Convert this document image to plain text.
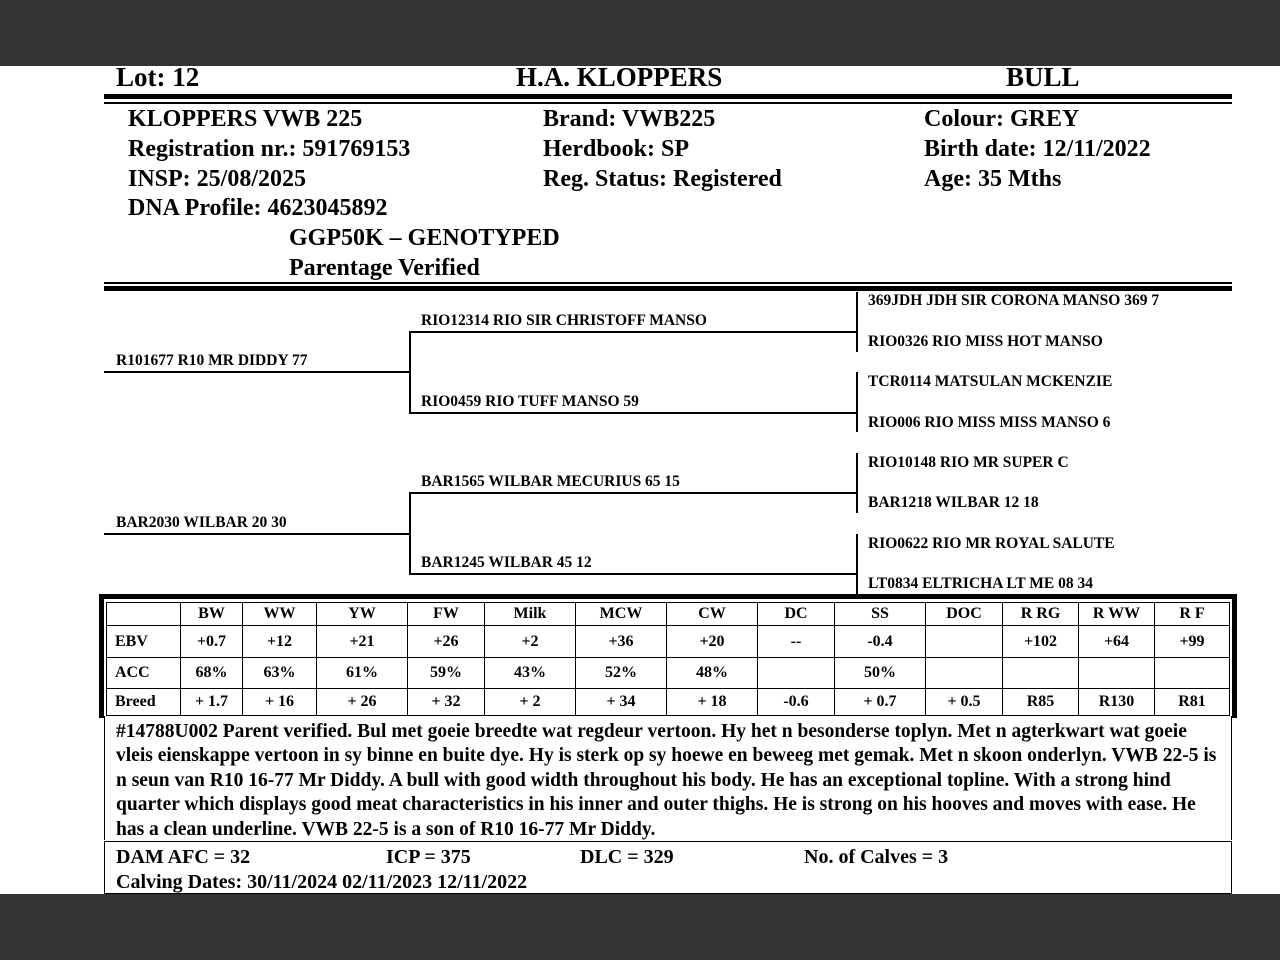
Lot: 12	H.A. KLOPPERS	BULL
KLOPPERS VWB 225
Registration nr.: 591769153
INSP: 25/08/2025
DNA Profile: 4623045892
GGP50K – GENOTYPED
Parentage Verified
Brand: VWB225
Herdbook: SP
Reg. Status: Registered
Colour: GREY
Birth date: 12/11/2022
Age: 35 Mths
R101677 R10 MR DIDDY 77
BAR2030 WILBAR 20 30
RIO12314 RIO SIR CHRISTOFF MANSO
RIO0459 RIO TUFF MANSO 59
BAR1565 WILBAR MECURIUS 65 15
BAR1245 WILBAR 45 12
369JDH JDH SIR CORONA MANSO 369 7
RIO0326 RIO MISS HOT MANSO
TCR0114 MATSULAN MCKENZIE
RIO006 RIO MISS MISS MANSO 6
RIO10148 RIO MR SUPER C
BAR1218 WILBAR 12 18
RIO0622 RIO MR ROYAL SALUTE
LT0834 ELTRICHA LT ME 08 34
	BW	WW	YW	FW	Milk	MCW	CW	DC	SS	DOC	R RG	R WW	R F
EBV	+0.7	+12	+21	+26	+2	+36	+20	--	-0.4		+102	+64	+99
ACC	68%	63%	61%	59%	43%	52%	48%		50%				
Breed	+ 1.7	+ 16	+ 26	+ 32	+ 2	+ 34	+ 18	-0.6	+ 0.7	+ 0.5	R85	R130	R81
#14788U002 Parent verified. Bul met goeie breedte wat regdeur vertoon. Hy het n besonderse toplyn. Met n agterkwart wat goeie vleis eienskappe vertoon in sy binne en buite dye. Hy is sterk op sy hoewe en beweeg met gemak. Met n skoon onderlyn. VWB 22-5 is n seun van R10 16-77 Mr Diddy. A bull with good width throughout his body. He has an exceptional topline. With a strong hind quarter which displays good meat characteristics in his inner and outer thighs. He is strong on his hooves and moves with ease. He has a clean underline. VWB 22-5 is a son of R10 16-77 Mr Diddy.
DAM AFC = 32	ICP = 375	DLC = 329	No. of Calves = 3
Calving Dates: 30/11/2024 02/11/2023 12/11/2022
